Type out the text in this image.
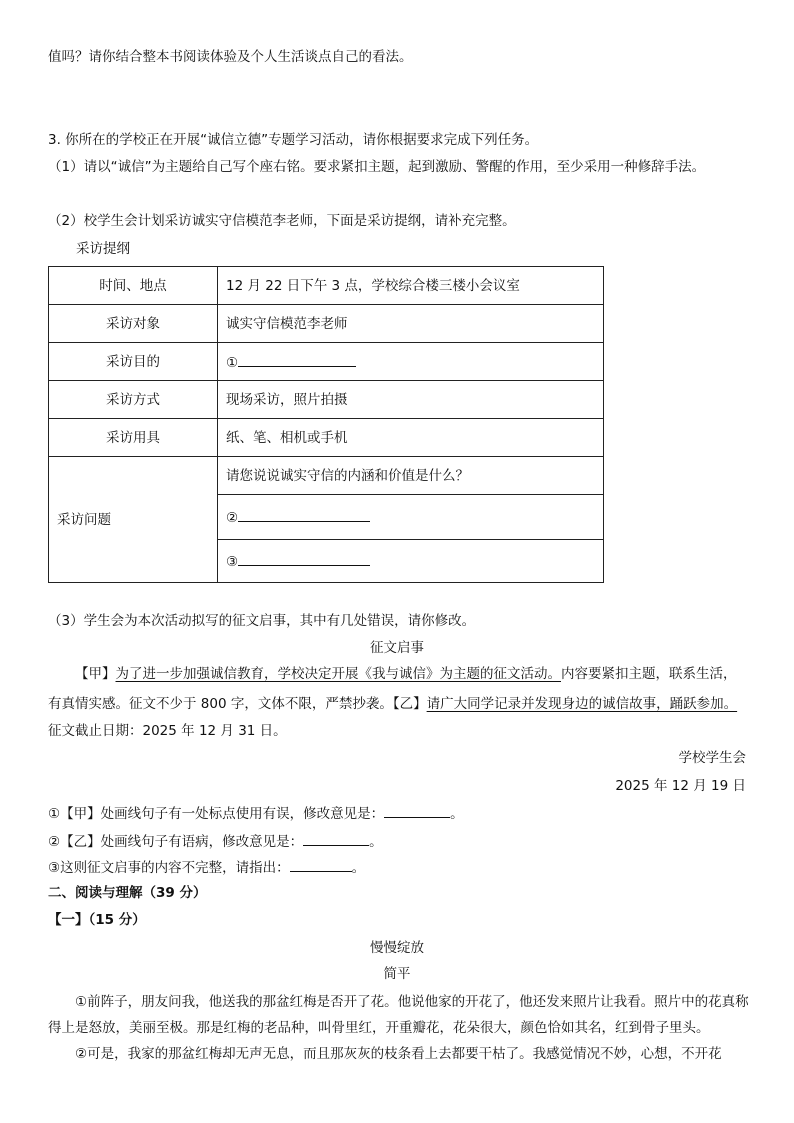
值吗？请你结合整本书阅读体验及个人生活谈点自己的看法。
3. 你所在的学校正在开展“诚信立德”专题学习活动，请你根据要求完成下列任务。
（1）请以“诚信”为主题给自己写个座右铭。要求紧扣主题，起到激励、警醒的作用，至少采用一种修辞手法。
（2）校学生会计划采访诚实守信模范李老师，下面是采访提纲，请补充完整。
采访提纲
时间、地点	12 月 22 日下午 3 点，学校综合楼三楼小会议室
采访对象	诚实守信模范李老师
采访目的	①
采访方式	现场采访，照片拍摄
采访用具	纸、笔、相机或手机
采访问题	请您说说诚实守信的内涵和价值是什么？
	②
	③
（3）学生会为本次活动拟写的征文启事，其中有几处错误，请你修改。
征文启事
【甲】为了进一步加强诚信教育，学校决定开展《我与诚信》为主题的征文活动。内容要紧扣主题，联系生活，
有真情实感。征文不少于 800 字，文体不限，严禁抄袭。【乙】请广大同学记录并发现身边的诚信故事，踊跃参加。
征文截止日期：2025 年 12 月 31 日。
学校学生会
2025 年 12 月 19 日
①【甲】处画线句子有一处标点使用有误，修改意见是：	。
②【乙】处画线句子有语病，修改意见是：	。
③这则征文启事的内容不完整，请指出：	。
二、阅读与理解（39 分）
【一】（15 分）
慢慢绽放
简平
①前阵子，朋友问我，他送我的那盆红梅是否开了花。他说他家的开花了，他还发来照片让我看。照片中的花真称得上是怒放，美丽至极。那是红梅的老品种，叫骨里红，开重瓣花，花朵很大，颜色恰如其名，红到骨子里头。
②可是，我家的那盆红梅却无声无息，而且那灰灰的枝条看上去都要干枯了。我感觉情况不妙，心想，不开花
